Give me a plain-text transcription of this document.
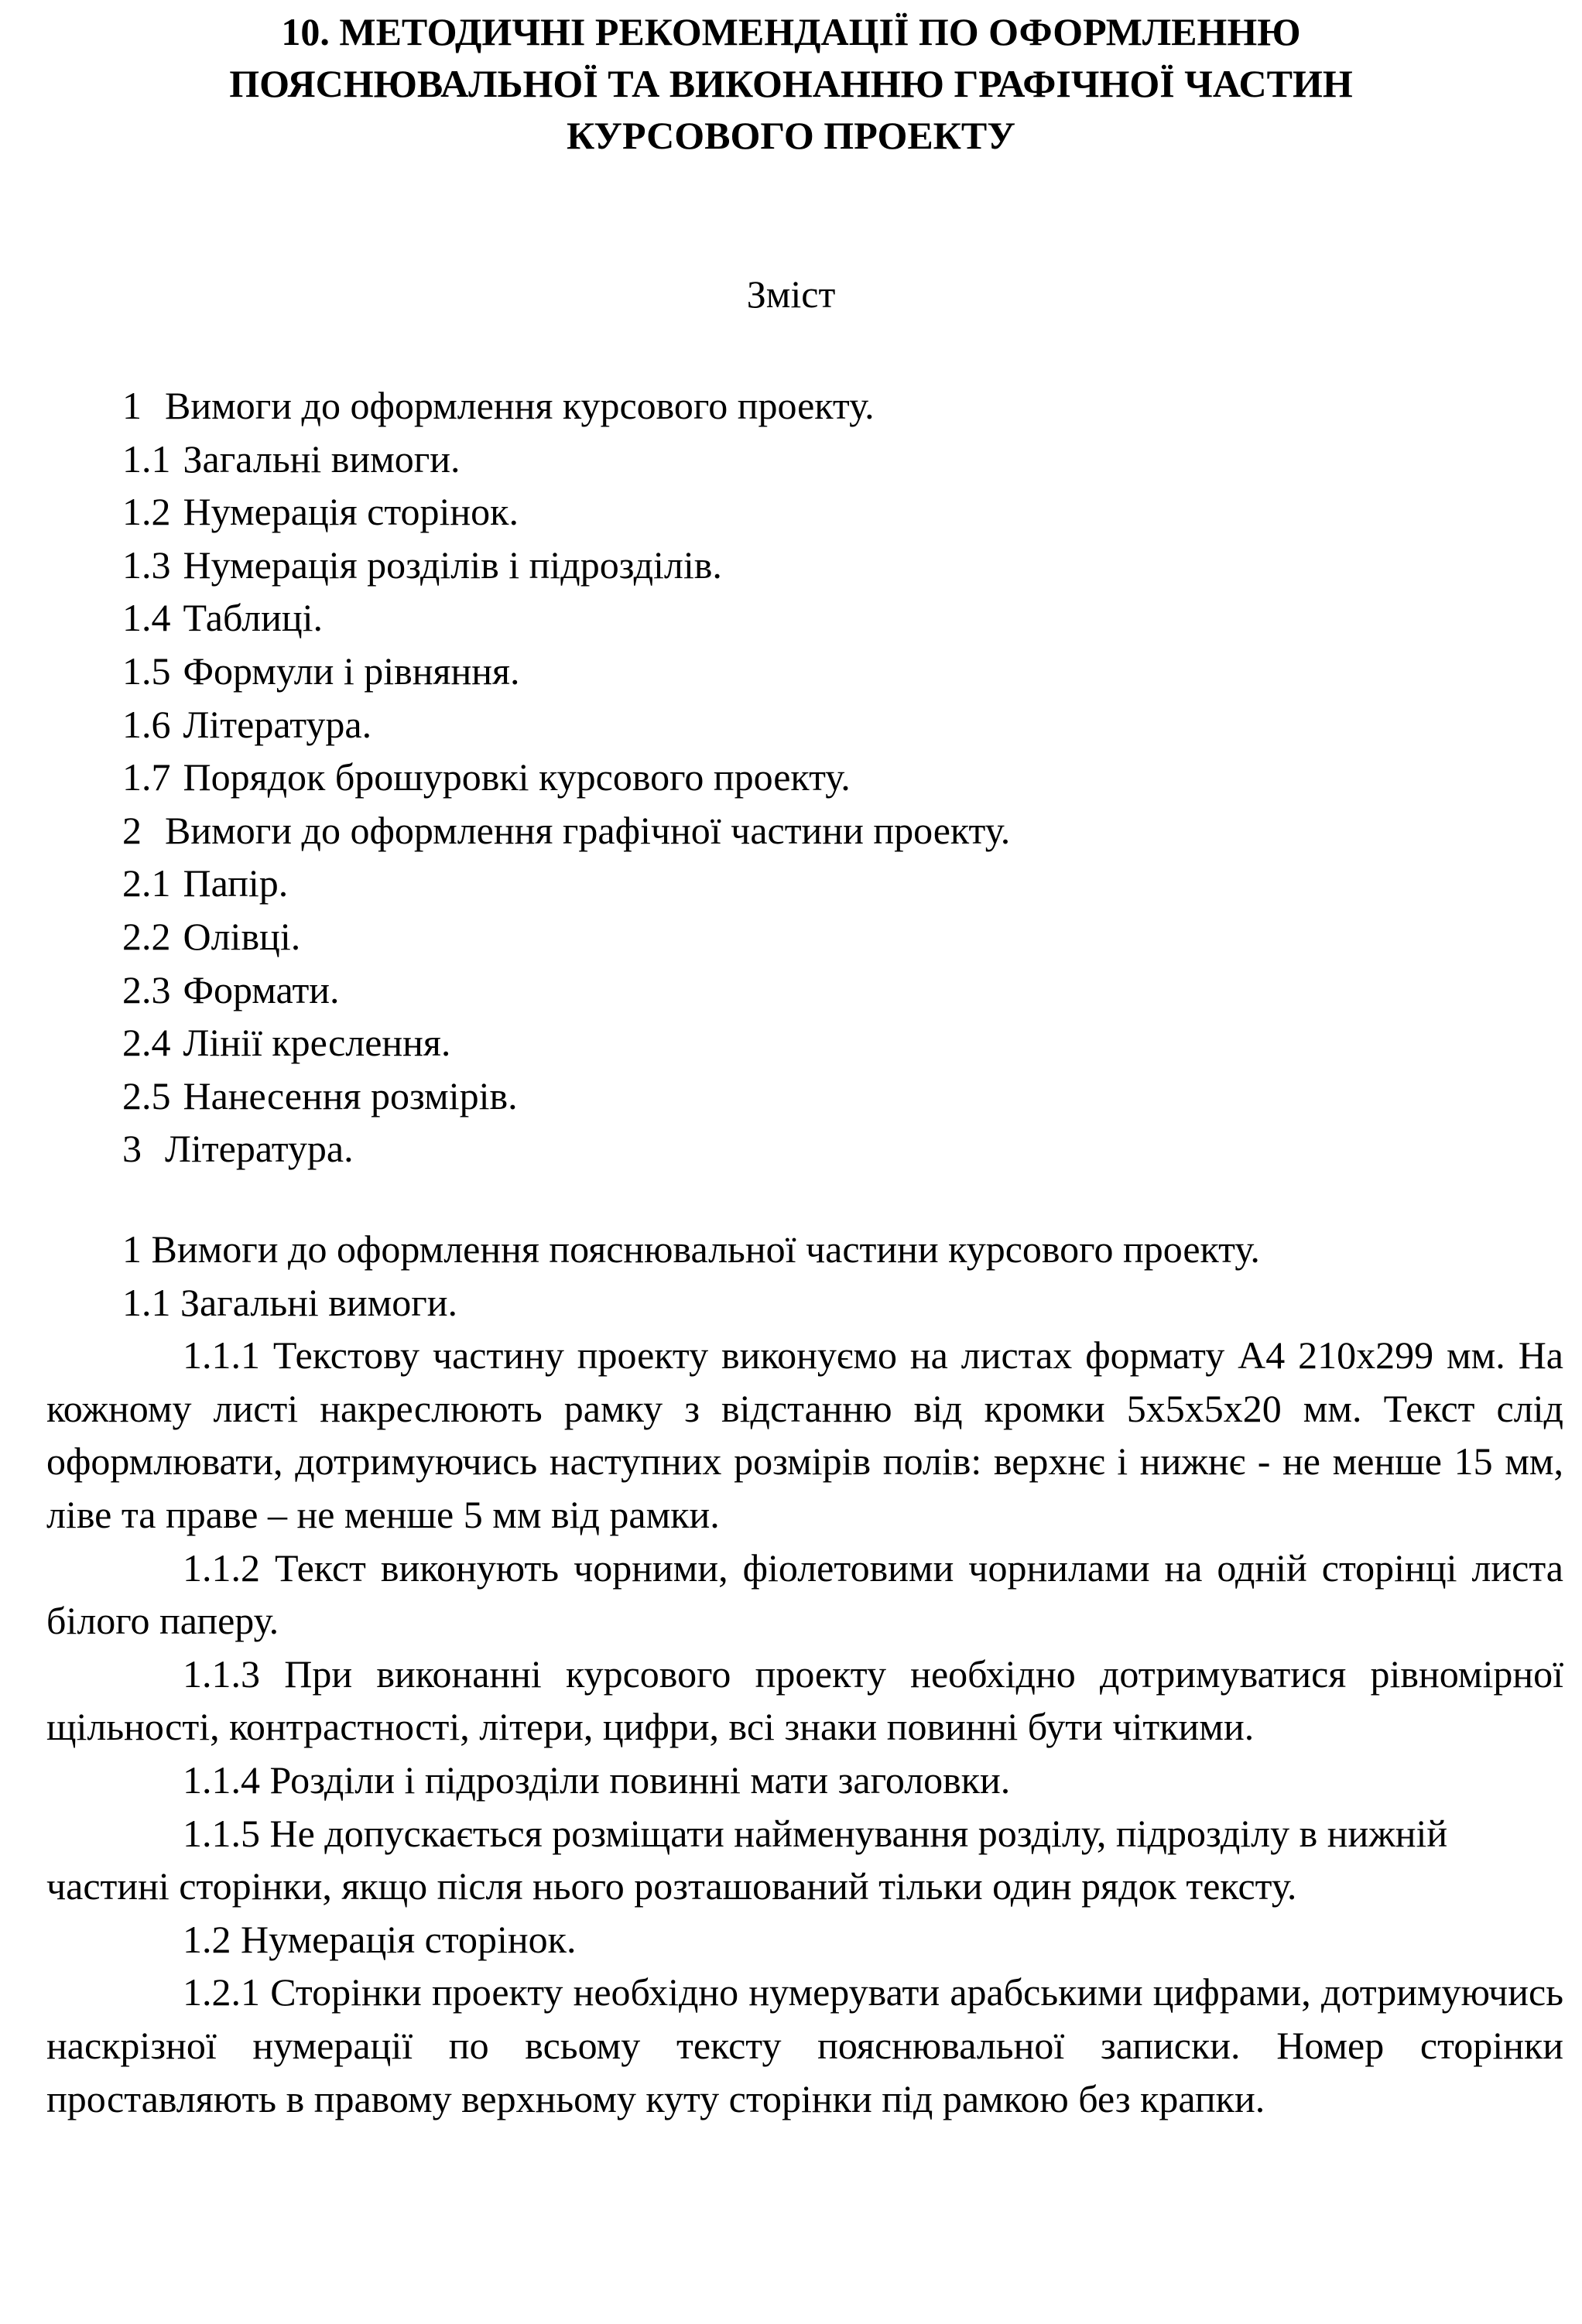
10. МЕТОДИЧНІ РЕКОМЕНДАЦІЇ ПО ОФОРМЛЕННЮ
ПОЯСНЮВАЛЬНОЇ ТА ВИКОНАННЮ ГРАФІЧНОЇ ЧАСТИН
КУРСОВОГО ПРОЕКТУ
Зміст
1 Вимоги до оформлення курсового проекту.
1.1 Загальні вимоги.
1.2 Нумерація сторінок.
1.3 Нумерація розділів і підрозділів.
1.4 Таблиці.
1.5 Формули і рівняння.
1.6 Література.
1.7 Порядок брошуровкі курсового проекту.
2 Вимоги до оформлення графічної частини проекту.
2.1 Папір.
2.2 Олівці.
2.3 Формати.
2.4 Лінії креслення.
2.5 Нанесення розмірів.
3 Література.

1 Вимоги до оформлення пояснювальної частини курсового проекту.

1.1 Загальні вимоги.

1.1.1 Текстову частину проекту виконуємо на листах формату А4 210х299 мм. На кожному листі накреслюють рамку з відстанню від кромки 5х5х5х20 мм. Текст слід оформлювати, дотримуючись наступних розмірів полів: верхнє і нижнє - не менше 15 мм, ліве та праве – не менше 5 мм від рамки.

1.1.2 Текст виконують чорними, фіолетовими чорнилами на одній сторінці листа білого паперу.

1.1.3 При виконанні курсового проекту необхідно дотримуватися рівномірної щільності, контрастності, літери, цифри, всі знаки повинні бути чіткими.

1.1.4 Розділи і підрозділи повинні мати заголовки.

1.1.5 Не допускається розміщати найменування розділу, підрозділу в нижній частині сторінки, якщо після нього розташований тільки один рядок тексту.

1.2 Нумерація сторінок.

1.2.1 Сторінки проекту необхідно нумерувати арабськими цифрами, дотримуючись наскрізної нумерації по всьому тексту пояснювальної записки. Номер сторінки проставляють в правому верхньому куту сторінки під рамкою без крапки.
